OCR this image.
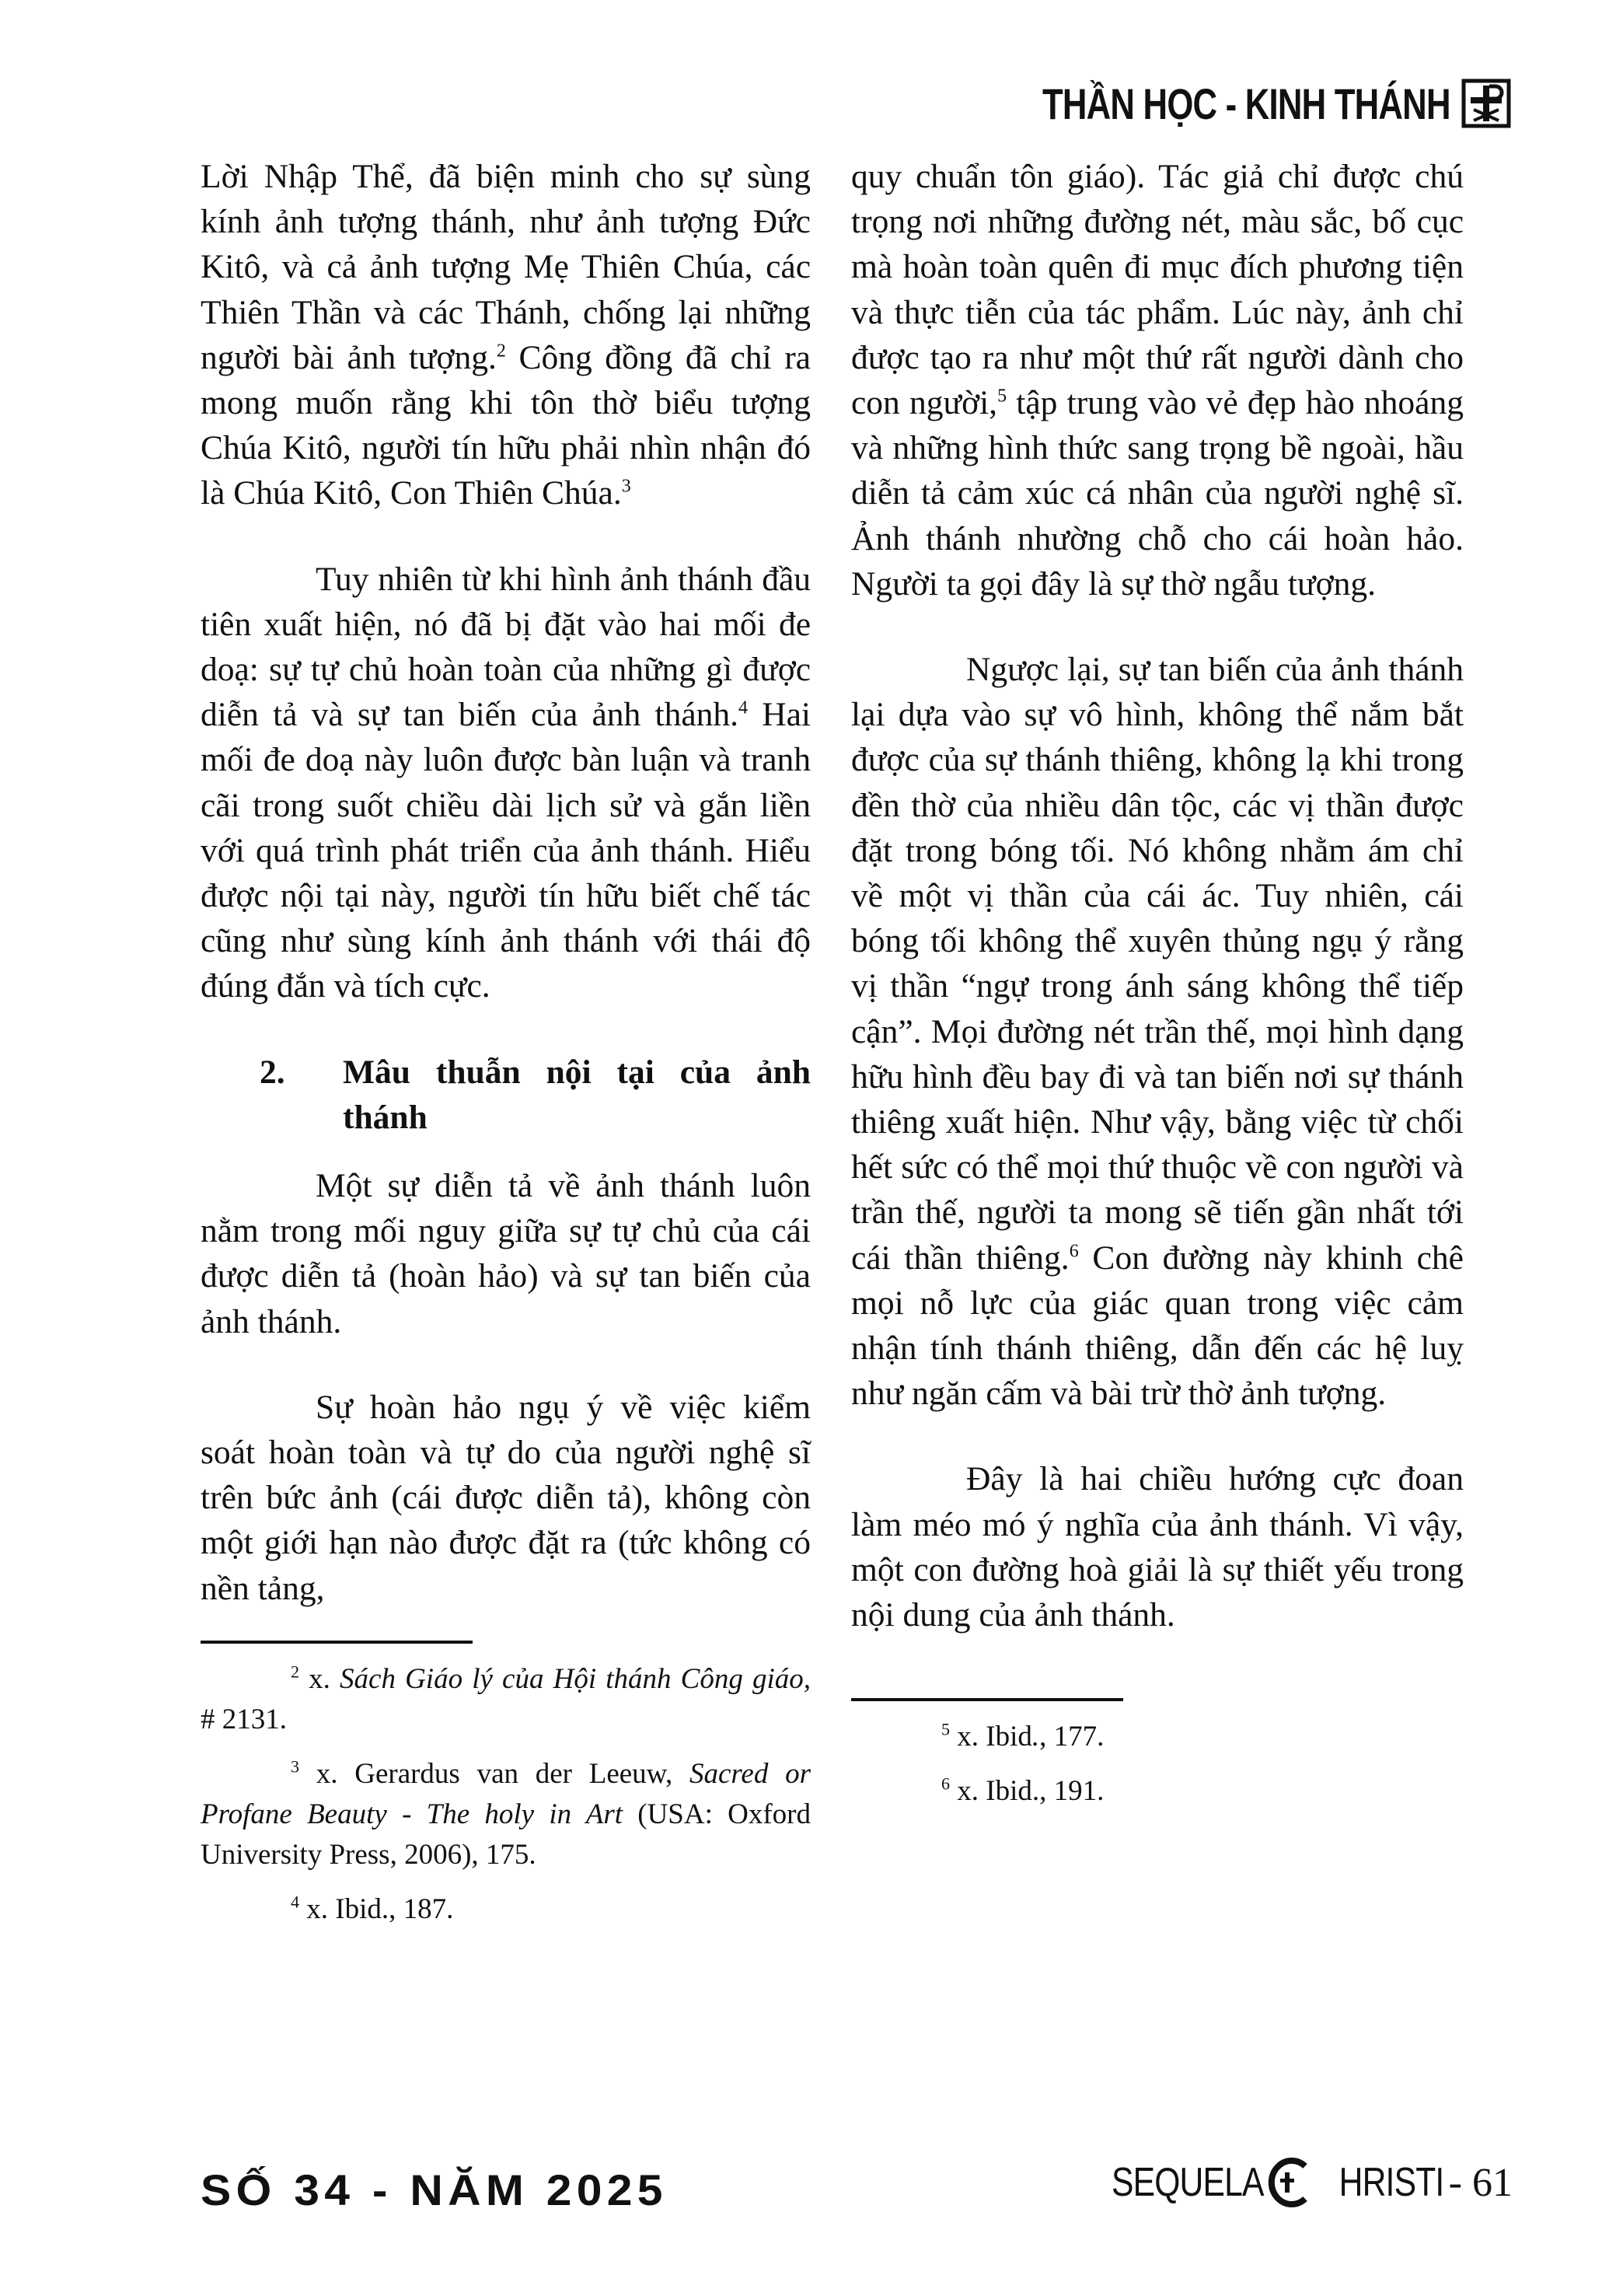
THẦN HỌC - KINH THÁNH

Lời Nhập Thể, đã biện minh cho sự sùng kính ảnh tượng thánh, như ảnh tượng Đức Kitô, và cả ảnh tượng Mẹ Thiên Chúa, các Thiên Thần và các Thánh, chống lại những người bài ảnh tượng.$^2$ Công đồng đã chỉ ra mong muốn rằng khi tôn thờ biểu tượng Chúa Kitô, người tín hữu phải nhìn nhận đó là Chúa Kitô, Con Thiên Chúa.$^3$

Tuy nhiên từ khi hình ảnh thánh đầu tiên xuất hiện, nó đã bị đặt vào hai mối đe doạ: sự tự chủ hoàn toàn của những gì được diễn tả và sự tan biến của ảnh thánh.$^4$ Hai mối đe doạ này luôn được bàn luận và tranh cãi trong suốt chiều dài lịch sử và gắn liền với quá trình phát triển của ảnh thánh. Hiểu được nội tại này, người tín hữu biết chế tác cũng như sùng kính ảnh thánh với thái độ đúng đắn và tích cực.

2.	Mâu thuẫn nội tại của ảnh thánh

Một sự diễn tả về ảnh thánh luôn nằm trong mối nguy giữa sự tự chủ của cái được diễn tả (hoàn hảo) và sự tan biến của ảnh thánh.

Sự hoàn hảo ngụ ý về việc kiểm soát hoàn toàn và tự do của người nghệ sĩ trên bức ảnh (cái được diễn tả), không còn một giới hạn nào được đặt ra (tức không có nền tảng,

$^2$ x. Sách Giáo lý của Hội thánh Công giáo, # 2131.

$^3$ x. Gerardus van der Leeuw, Sacred or Profane Beauty - The holy in Art (USA: Oxford University Press, 2006), 175.

$^4$ x. Ibid., 187.

quy chuẩn tôn giáo). Tác giả chỉ được chú trọng nơi những đường nét, màu sắc, bố cục mà hoàn toàn quên đi mục đích phương tiện và thực tiễn của tác phẩm. Lúc này, ảnh chỉ được tạo ra như một thứ rất người dành cho con người,$^5$ tập trung vào vẻ đẹp hào nhoáng và những hình thức sang trọng bề ngoài, hầu diễn tả cảm xúc cá nhân của người nghệ sĩ. Ảnh thánh nhường chỗ cho cái hoàn hảo. Người ta gọi đây là sự thờ ngẫu tượng.

Ngược lại, sự tan biến của ảnh thánh lại dựa vào sự vô hình, không thể nắm bắt được của sự thánh thiêng, không lạ khi trong đền thờ của nhiều dân tộc, các vị thần được đặt trong bóng tối. Nó không nhằm ám chỉ về một vị thần của cái ác. Tuy nhiên, cái bóng tối không thể xuyên thủng ngụ ý rằng vị thần “ngự trong ánh sáng không thể tiếp cận”. Mọi đường nét trần thế, mọi hình dạng hữu hình đều bay đi và tan biến nơi sự thánh thiêng xuất hiện. Như vậy, bằng việc từ chối hết sức có thể mọi thứ thuộc về con người và trần thế, người ta mong sẽ tiến gần nhất tới cái thần thiêng.$^6$ Con đường này khinh chê mọi nỗ lực của giác quan trong việc cảm nhận tính thánh thiêng, dẫn đến các hệ luỵ như ngăn cấm và bài trừ thờ ảnh tượng.

Đây là hai chiều hướng cực đoan làm méo mó ý nghĩa của ảnh thánh. Vì vậy, một con đường hoà giải là sự thiết yếu trong nội dung của ảnh thánh.

$^5$ x. Ibid., 177.

$^6$ x. Ibid., 191.

SỐ 34 - NĂM 2025	SEQUELA HRISTI - 61
